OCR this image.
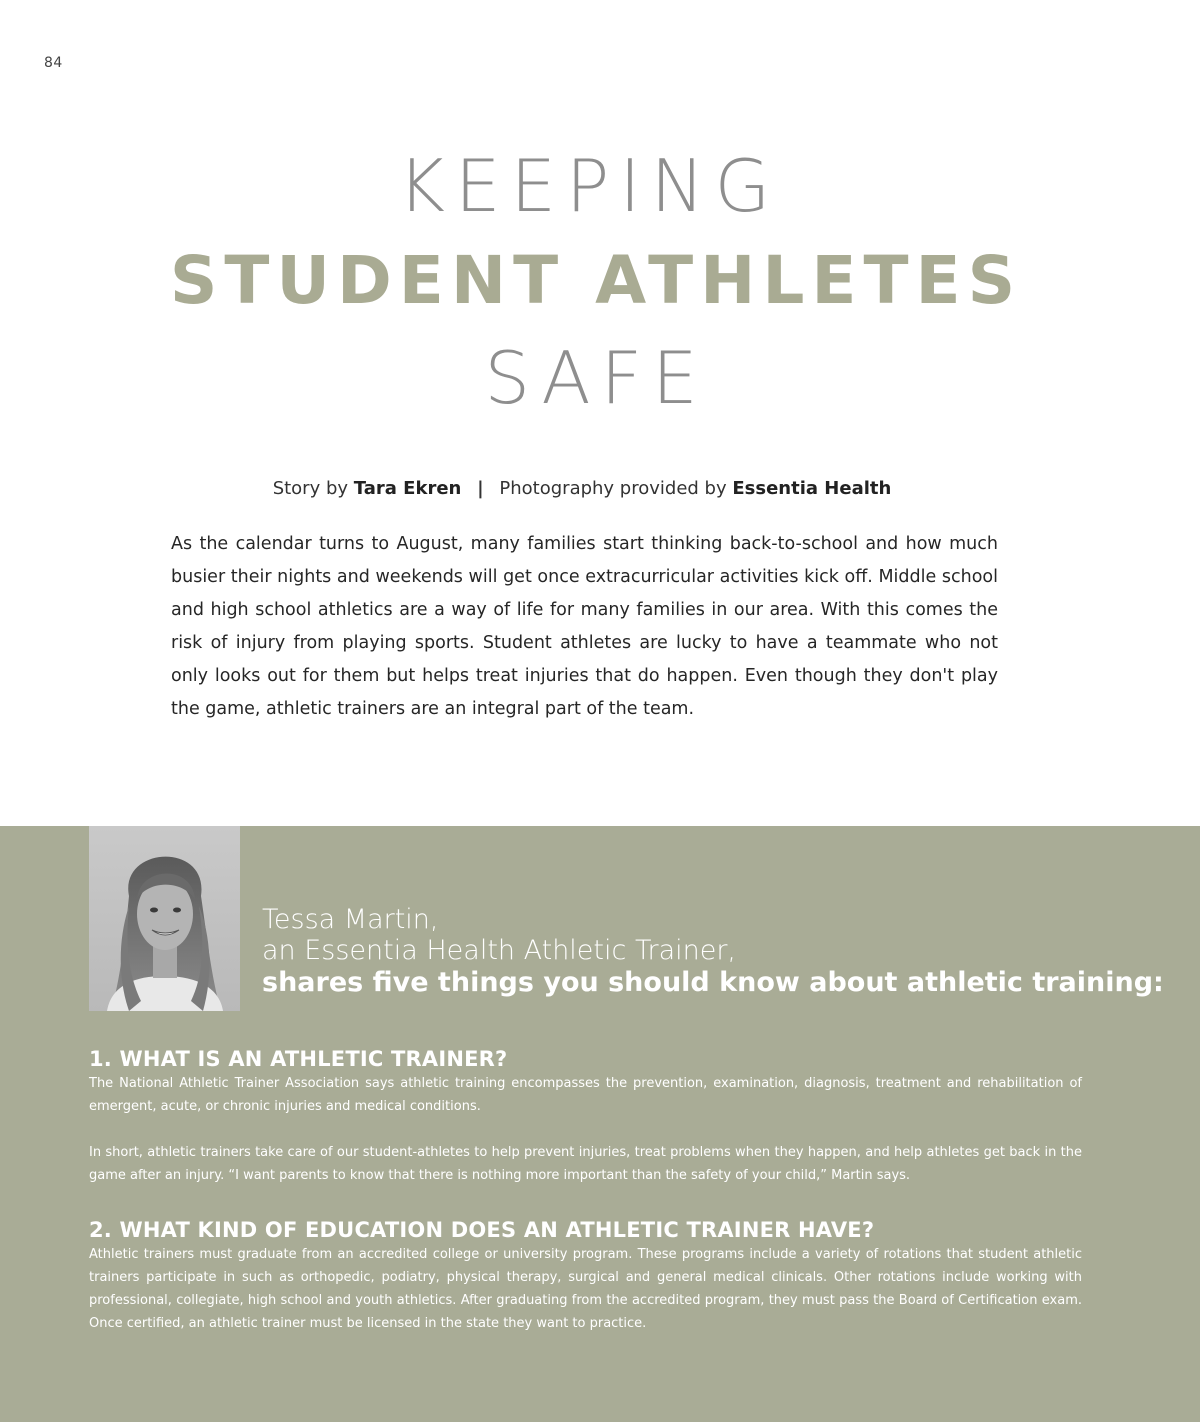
84
KEEPING
STUDENT ATHLETES
SAFE
Story by Tara Ekren | Photography provided by Essentia Health
As the calendar turns to August, many families start thinking back-to-school and how much busier their nights and weekends will get once extracurricular activities kick off. Middle school and high school athletics are a way of life for many families in our area. With this comes the risk of injury from playing sports. Student athletes are lucky to have a teammate who not only looks out for them but helps treat injuries that do happen. Even though they don't play the game, athletic trainers are an integral part of the team.
Tessa Martin,
an Essentia Health Athletic Trainer,
shares five things you should know about athletic training:
1. WHAT IS AN ATHLETIC TRAINER?

The National Athletic Trainer Association says athletic training encompasses the prevention, examination, diagnosis, treatment and rehabilitation of emergent, acute, or chronic injuries and medical conditions.

In short, athletic trainers take care of our student-athletes to help prevent injuries, treat problems when they happen, and help athletes get back in the game after an injury. “I want parents to know that there is nothing more important than the safety of your child,” Martin says.

2. WHAT KIND OF EDUCATION DOES AN ATHLETIC TRAINER HAVE?

Athletic trainers must graduate from an accredited college or university program. These programs include a variety of rotations that student athletic trainers participate in such as orthopedic, podiatry, physical therapy, surgical and general medical clinicals. Other rotations include working with professional, collegiate, high school and youth athletics. After graduating from the accredited program, they must pass the Board of Certification exam. Once certified, an athletic trainer must be licensed in the state they want to practice.
